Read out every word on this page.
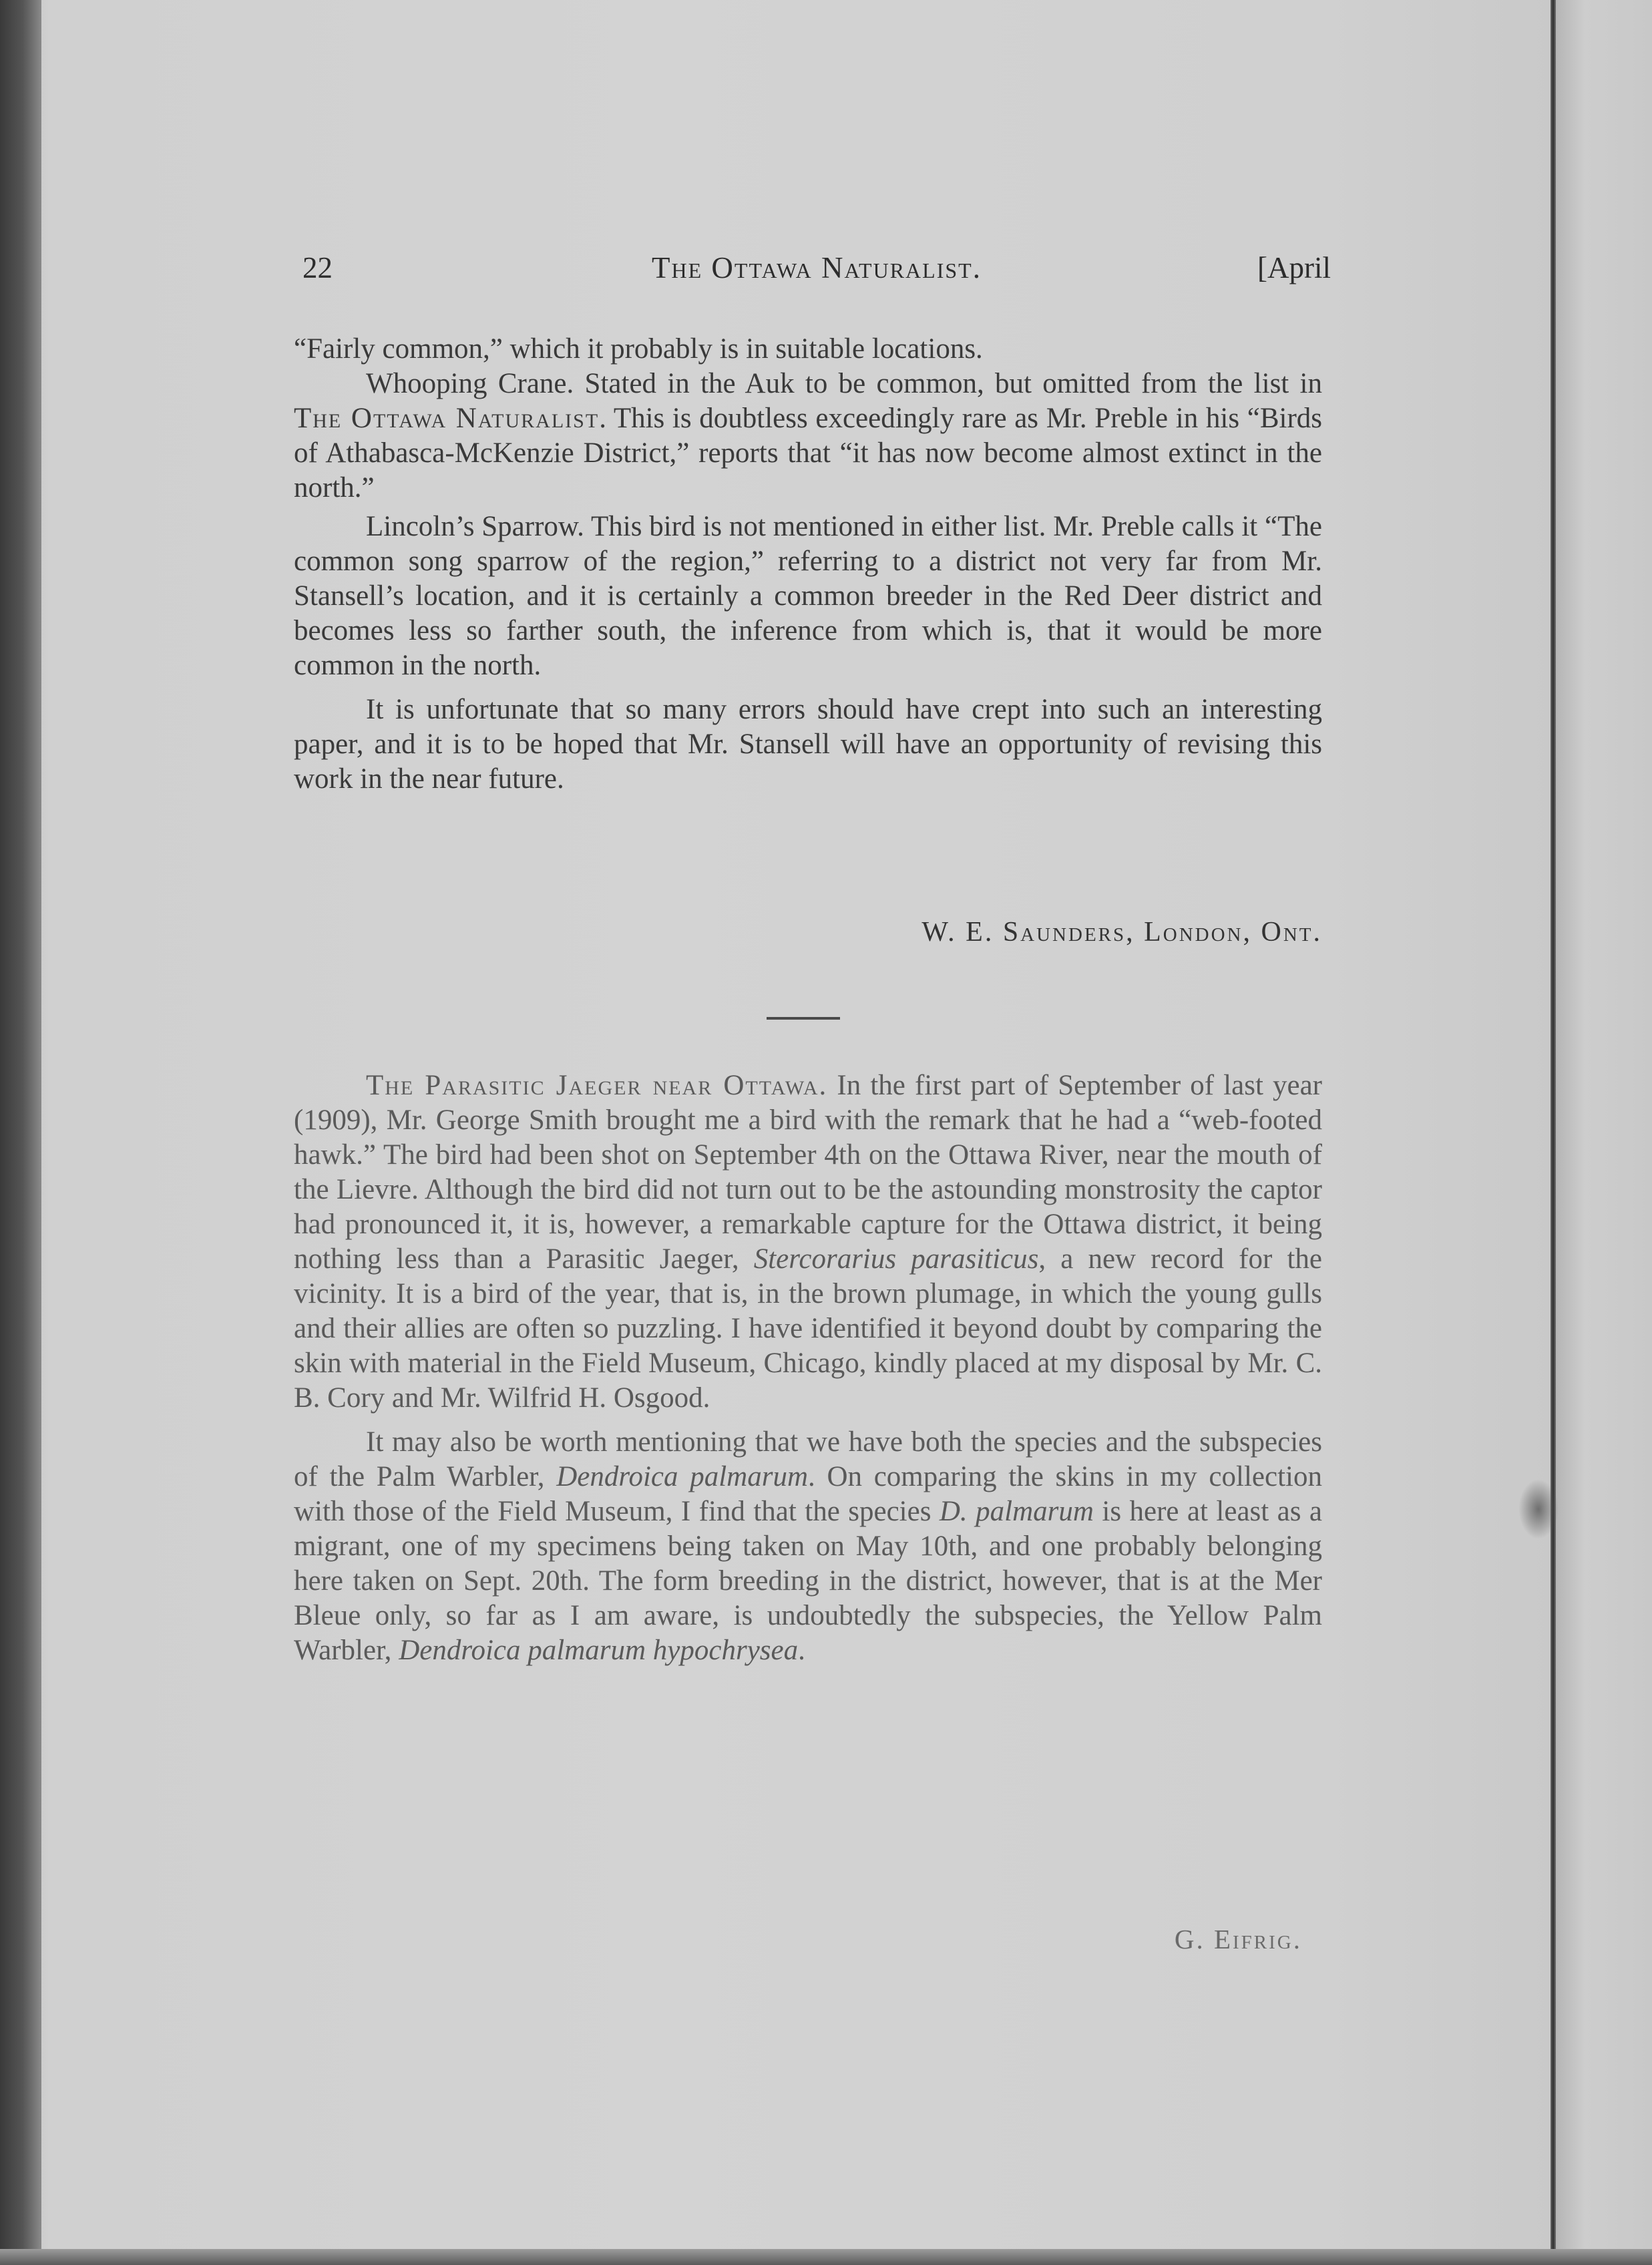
22	The Ottawa Naturalist.	[April

“Fairly common,” which it probably is in suitable locations.

Whooping Crane. Stated in the Auk to be common, but omitted from the list in The Ottawa Naturalist. This is doubtless exceedingly rare as Mr. Preble in his “Birds of Athabasca-McKenzie District,” reports that “it has now become almost extinct in the north.”

Lincoln’s Sparrow. This bird is not mentioned in either list. Mr. Preble calls it “The common song sparrow of the region,” referring to a district not very far from Mr. Stansell’s location, and it is certainly a common breeder in the Red Deer district and becomes less so farther south, the inference from which is, that it would be more common in the north.

It is unfortunate that so many errors should have crept into such an interesting paper, and it is to be hoped that Mr. Stansell will have an opportunity of revising this work in the near future.

W. E. Saunders, London, Ont.

The Parasitic Jaeger near Ottawa. In the first part of September of last year (1909), Mr. George Smith brought me a bird with the remark that he had a “web-footed hawk.” The bird had been shot on September 4th on the Ottawa River, near the mouth of the Lievre. Although the bird did not turn out to be the astounding monstrosity the captor had pronounced it, it is, however, a remarkable capture for the Ottawa district, it being nothing less than a Parasitic Jaeger, Stercorarius parasiticus, a new record for the vicinity. It is a bird of the year, that is, in the brown plumage, in which the young gulls and their allies are often so puzzling. I have identified it beyond doubt by comparing the skin with material in the Field Museum, Chicago, kindly placed at my disposal by Mr. C. B. Cory and Mr. Wilfrid H. Osgood.

It may also be worth mentioning that we have both the species and the subspecies of the Palm Warbler, Dendroica palmarum. On comparing the skins in my collection with those of the Field Museum, I find that the species D. palmarum is here at least as a migrant, one of my specimens being taken on May 10th, and one probably belonging here taken on Sept. 20th. The form breeding in the district, however, that is at the Mer Bleue only, so far as I am aware, is undoubtedly the subspecies, the Yellow Palm Warbler, Dendroica palmarum hypochrysea.

G. Eifrig.
